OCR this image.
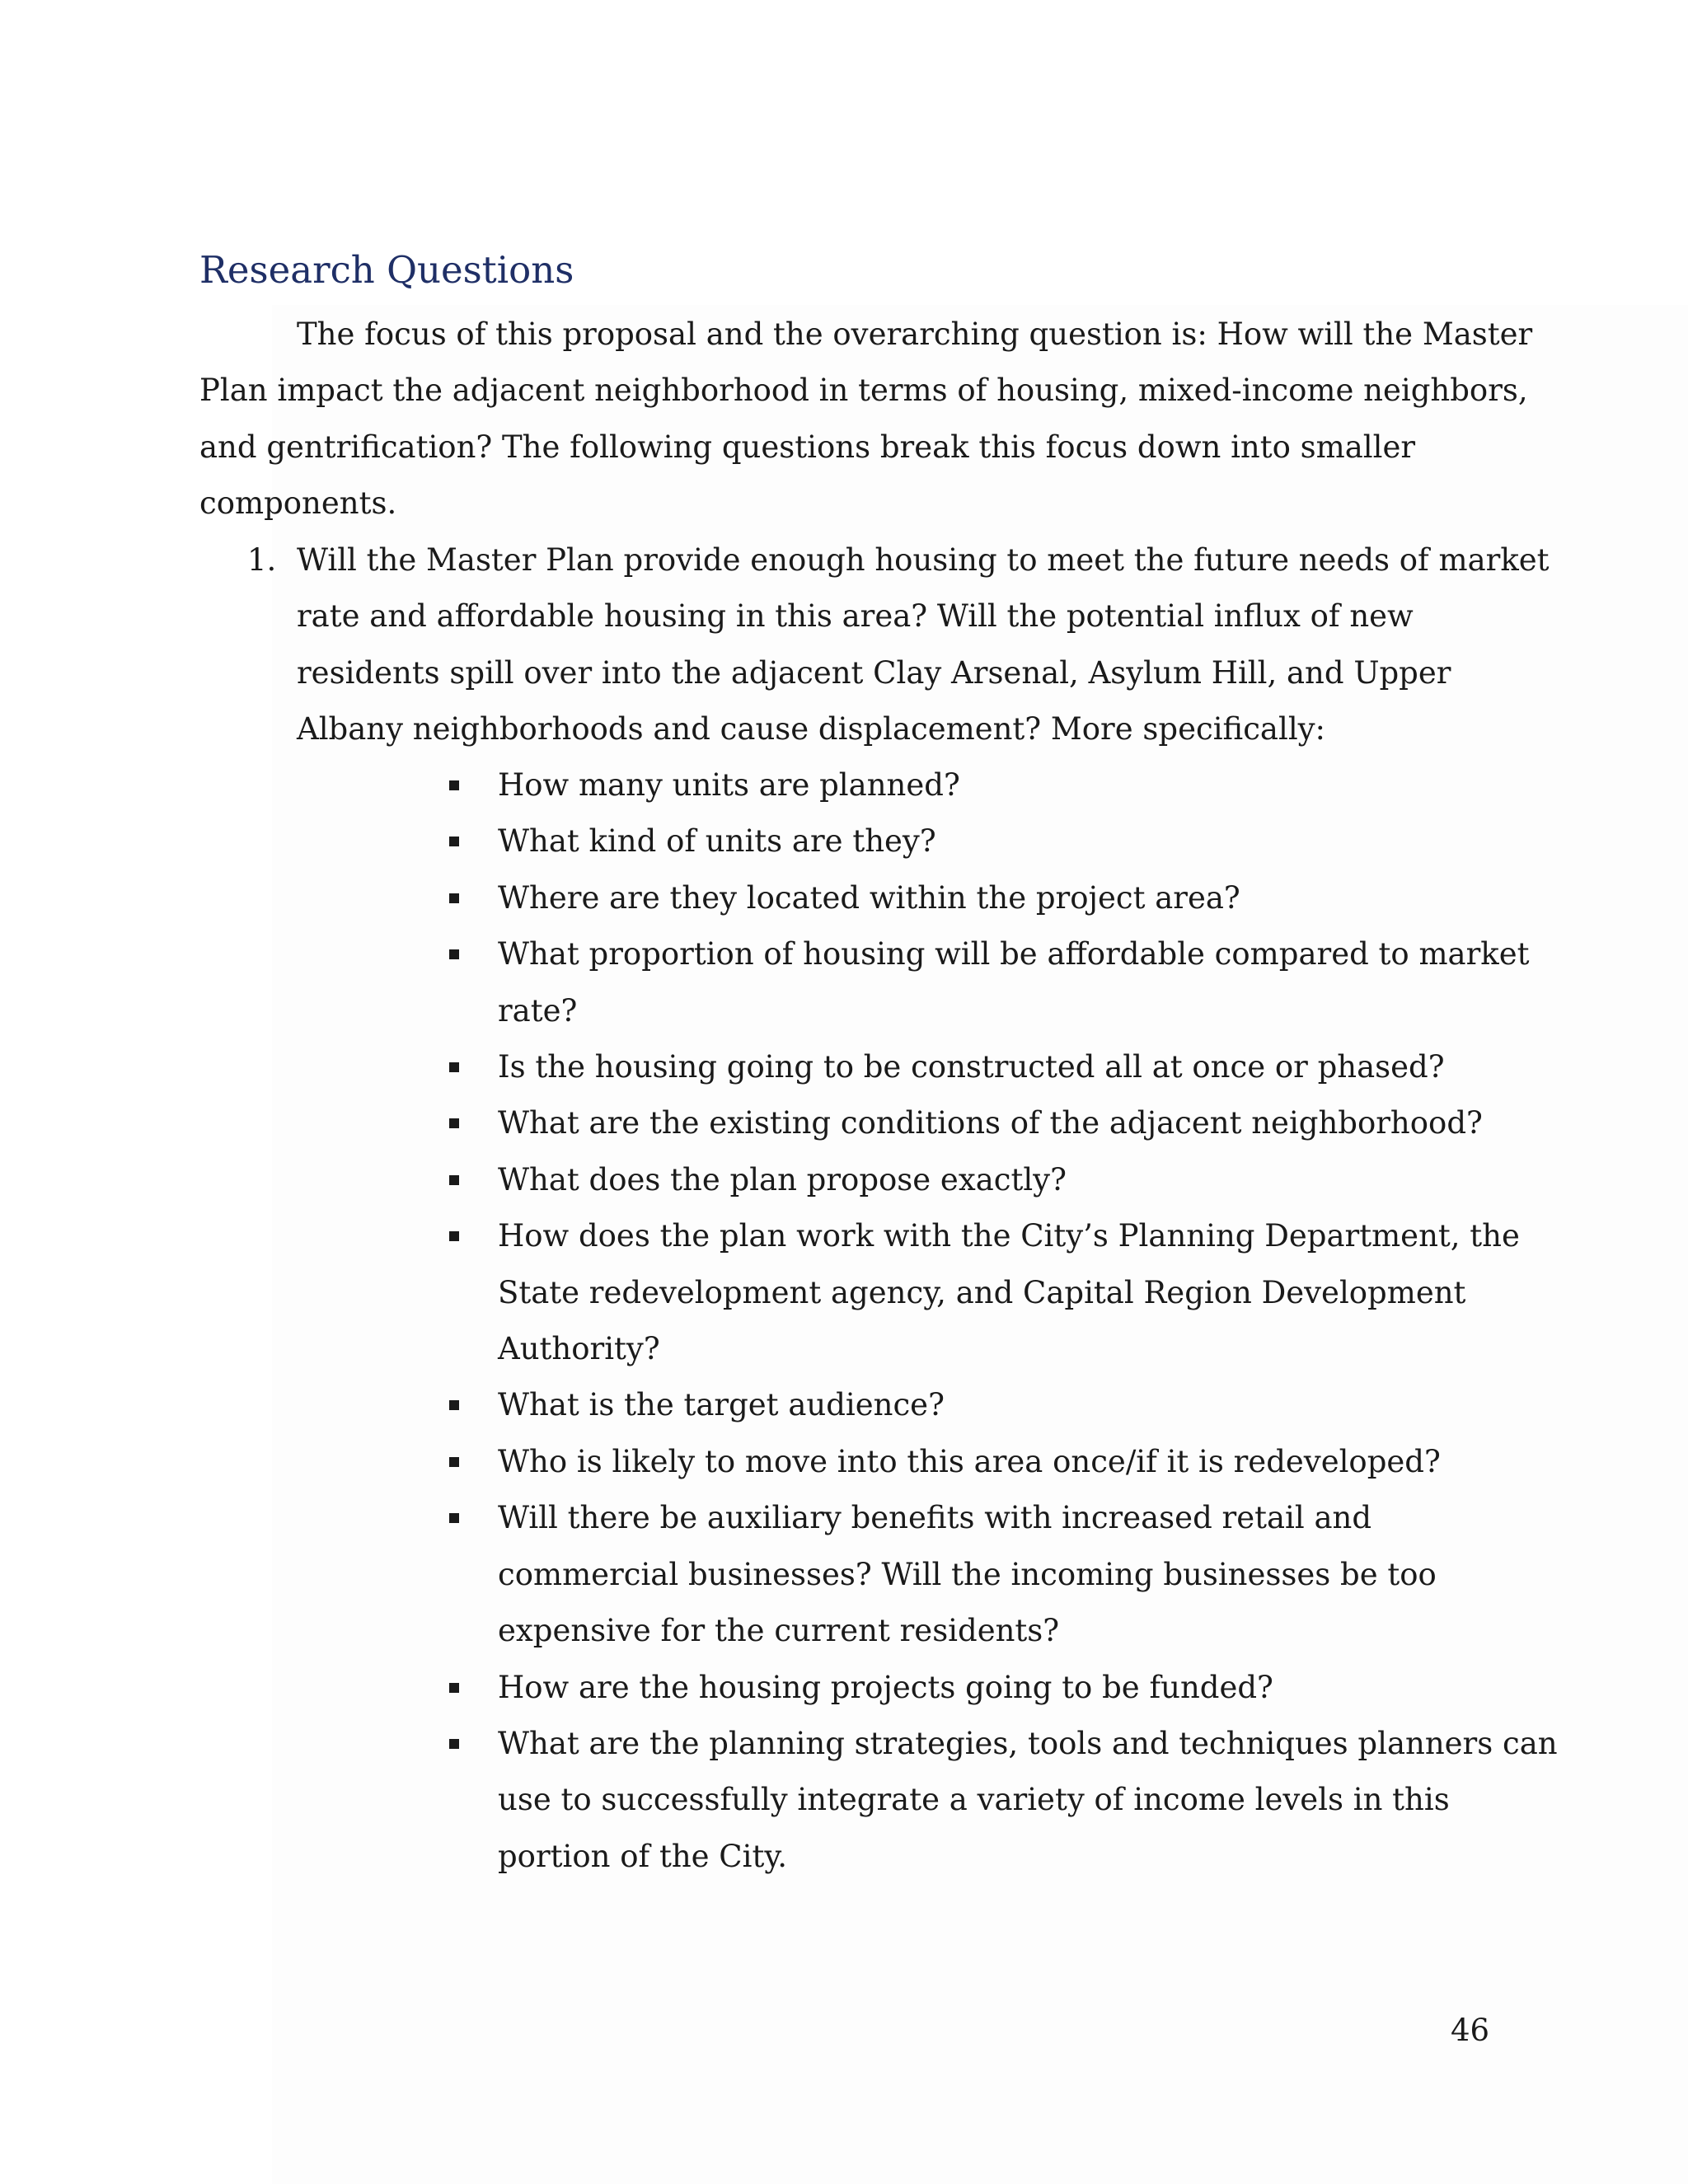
Research Questions

The focus of this proposal and the overarching question is: How will the Master
Plan impact the adjacent neighborhood in terms of housing, mixed-income neighbors,
and gentrification? The following questions break this focus down into smaller
components.

1. Will the Master Plan provide enough housing to meet the future needs of market
rate and affordable housing in this area? Will the potential influx of new
residents spill over into the adjacent Clay Arsenal, Asylum Hill, and Upper
Albany neighborhoods and cause displacement? More specifically:
How many units are planned?
What kind of units are they?
Where are they located within the project area?
What proportion of housing will be affordable compared to market
rate?
Is the housing going to be constructed all at once or phased?
What are the existing conditions of the adjacent neighborhood?
What does the plan propose exactly?
How does the plan work with the City’s Planning Department, the
State redevelopment agency, and Capital Region Development
Authority?
What is the target audience?
Who is likely to move into this area once/if it is redeveloped?
Will there be auxiliary benefits with increased retail and
commercial businesses? Will the incoming businesses be too
expensive for the current residents?
How are the housing projects going to be funded?
What are the planning strategies, tools and techniques planners can
use to successfully integrate a variety of income levels in this
portion of the City.

46
